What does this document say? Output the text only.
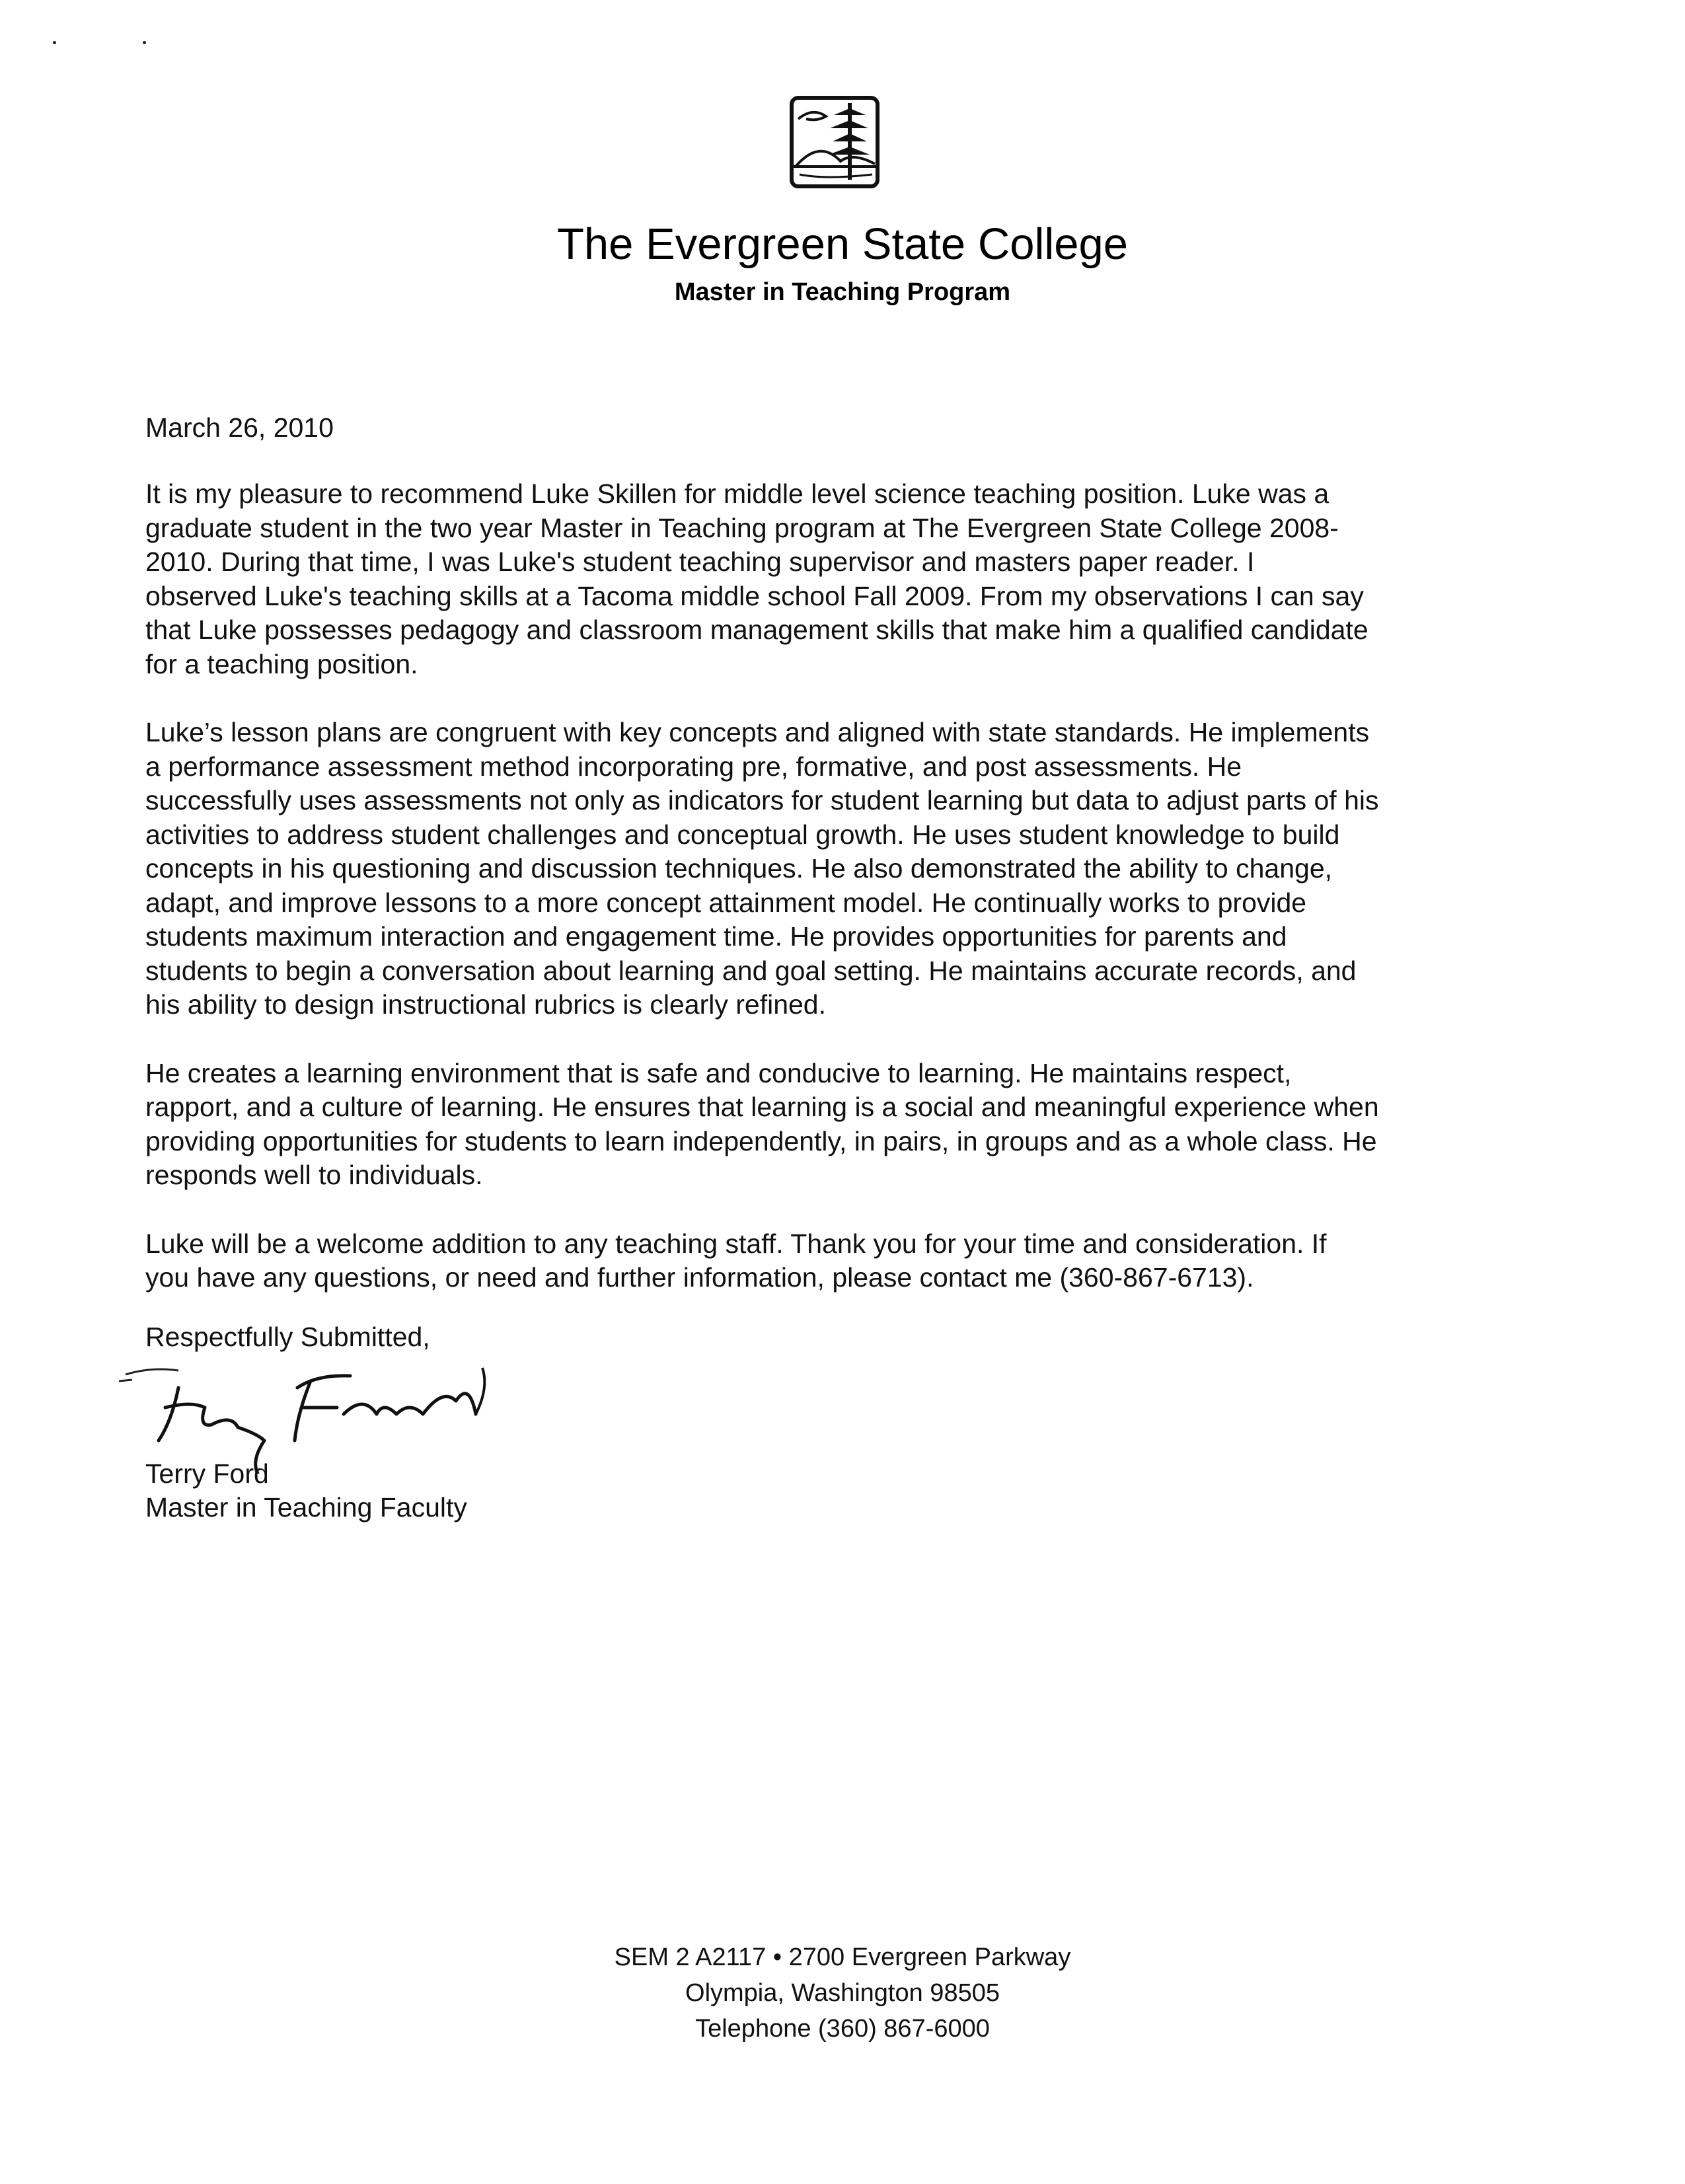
The Evergreen State College
Master in Teaching Program
March 26, 2010

It is my pleasure to recommend Luke Skillen for middle level science teaching position. Luke was a
graduate student in the two year Master in Teaching program at The Evergreen State College 2008-
2010. During that time, I was Luke's student teaching supervisor and masters paper reader. I
observed Luke's teaching skills at a Tacoma middle school Fall 2009. From my observations I can say
that Luke possesses pedagogy and classroom management skills that make him a qualified candidate
for a teaching position.

Luke’s lesson plans are congruent with key concepts and aligned with state standards. He implements
a performance assessment method incorporating pre, formative, and post assessments. He
successfully uses assessments not only as indicators for student learning but data to adjust parts of his
activities to address student challenges and conceptual growth. He uses student knowledge to build
concepts in his questioning and discussion techniques. He also demonstrated the ability to change,
adapt, and improve lessons to a more concept attainment model. He continually works to provide
students maximum interaction and engagement time. He provides opportunities for parents and
students to begin a conversation about learning and goal setting. He maintains accurate records, and
his ability to design instructional rubrics is clearly refined.

He creates a learning environment that is safe and conducive to learning. He maintains respect,
rapport, and a culture of learning. He ensures that learning is a social and meaningful experience when
providing opportunities for students to learn independently, in pairs, in groups and as a whole class. He
responds well to individuals.

Luke will be a welcome addition to any teaching staff. Thank you for your time and consideration. If
you have any questions, or need and further information, please contact me (360-867-6713).

Respectfully Submitted,
Terry Ford
Master in Teaching Faculty
SEM 2 A2117 • 2700 Evergreen Parkway
Olympia, Washington 98505
Telephone (360) 867-6000
